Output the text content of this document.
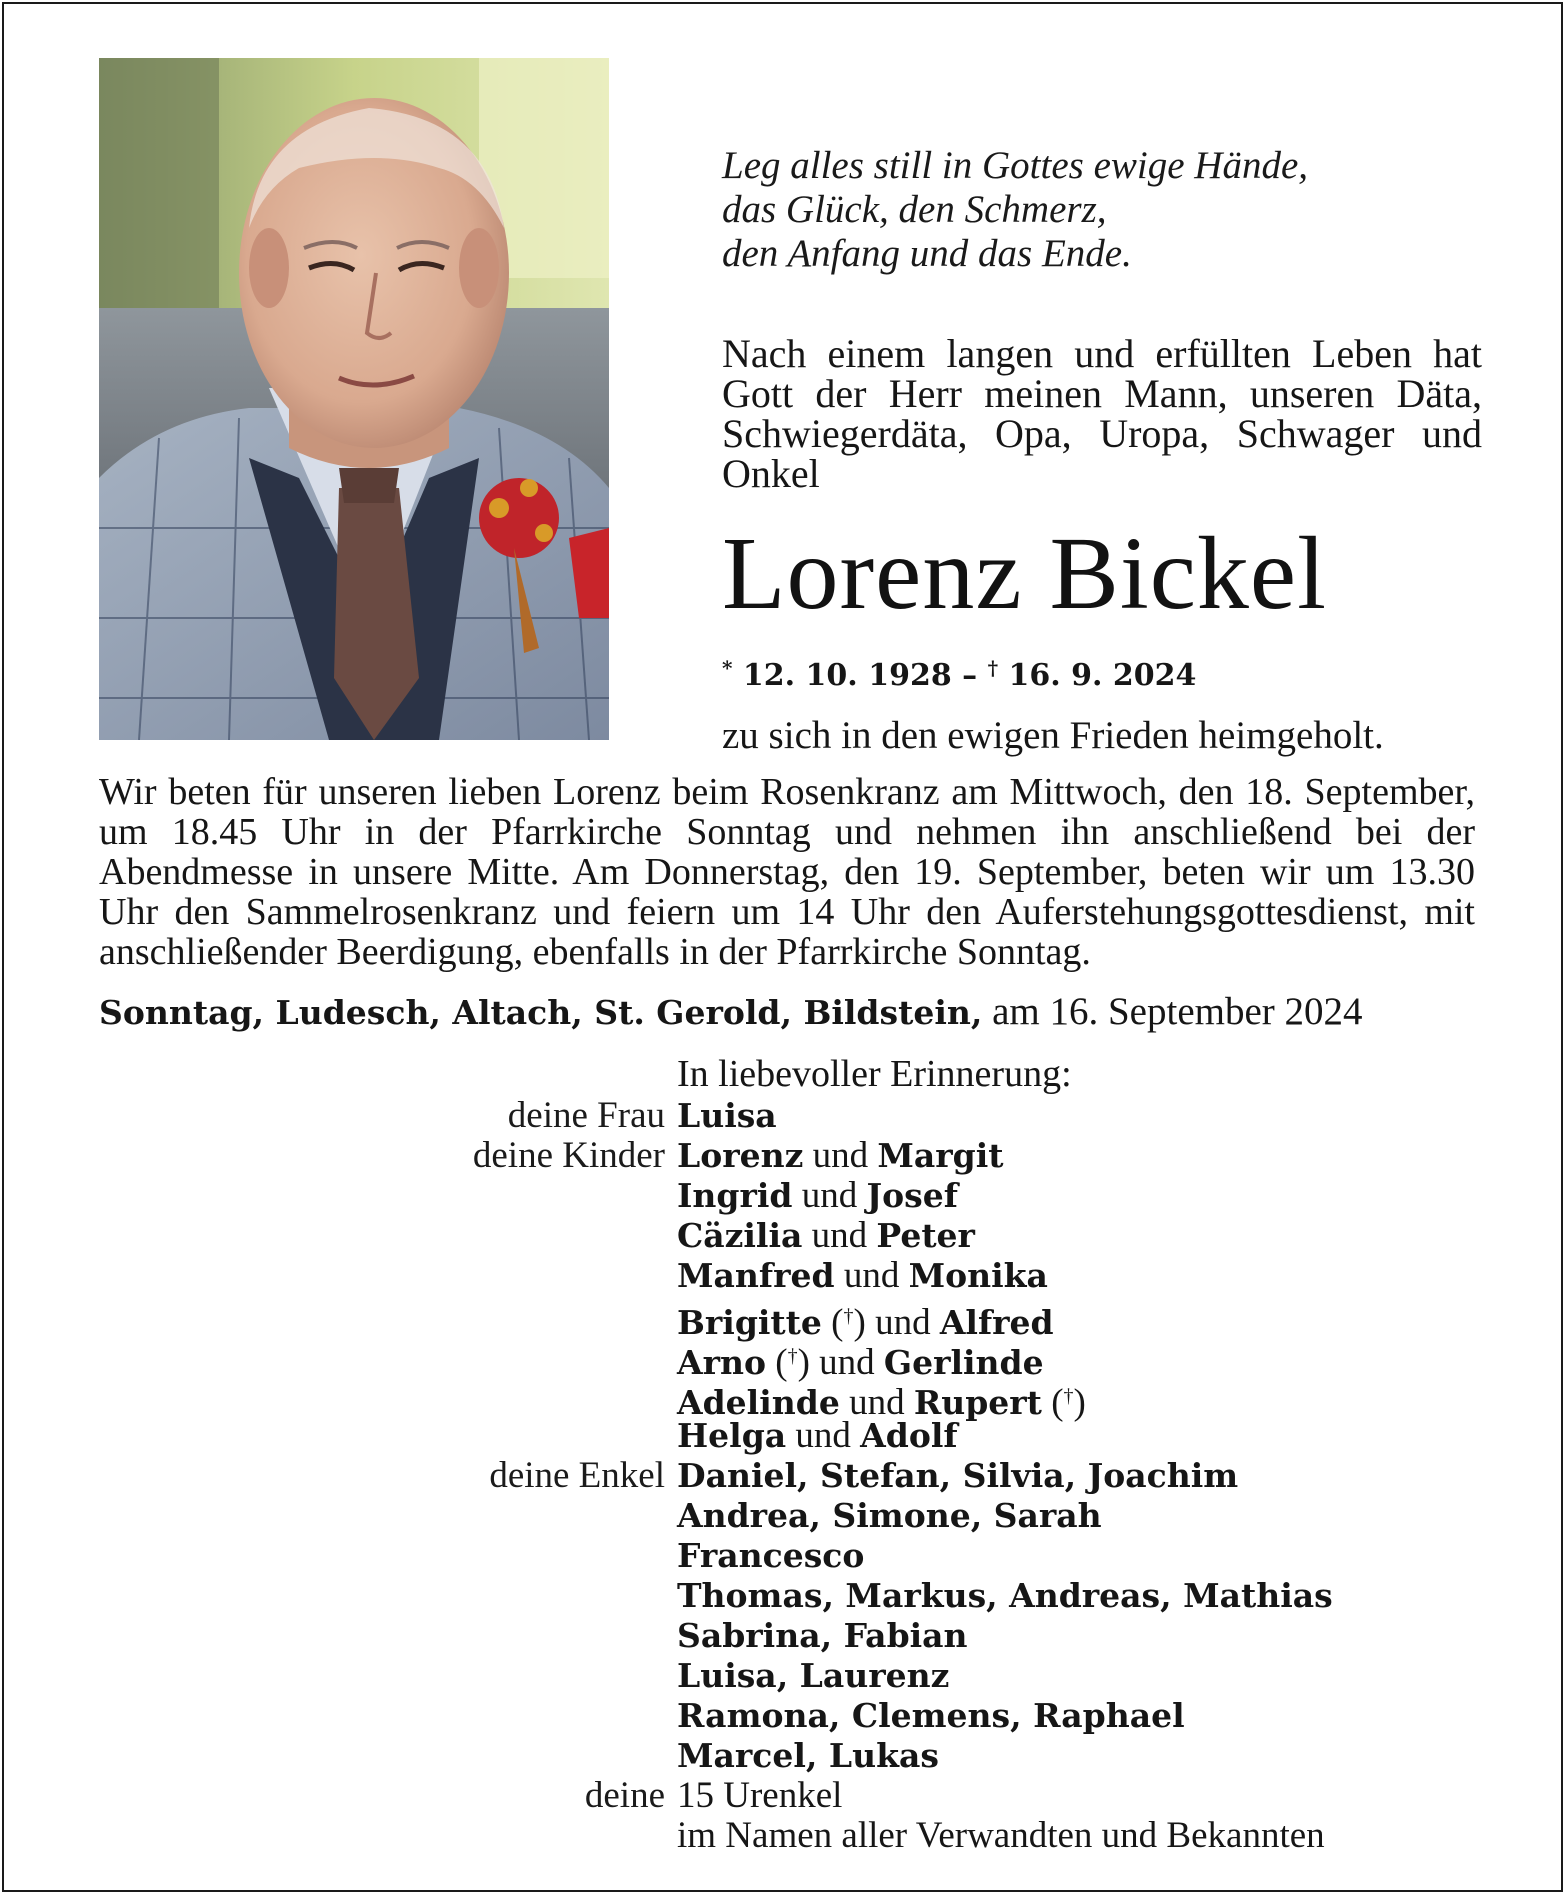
Leg alles still in Gottes ewige Hände,
das Glück, den Schmerz,
den Anfang und das Ende.
Nach einem langen und erfüllten Leben hat Gott der Herr meinen Mann, unseren Däta, Schwiegerdäta, Opa, Uropa, Schwager und Onkel
Lorenz Bickel
* 12. 10. 1928 – † 16. 9. 2024
zu sich in den ewigen Frieden heimgeholt.
Wir beten für unseren lieben Lorenz beim Rosenkranz am Mittwoch, den 18. September, um 18.45 Uhr in der Pfarrkirche Sonntag und nehmen ihn anschließend bei der Abendmesse in unsere Mitte. Am Donnerstag, den 19. September, beten wir um 13.30 Uhr den Sammelrosenkranz und feiern um 14 Uhr den Auferstehungsgottesdienst, mit anschließender Beerdigung, ebenfalls in der Pfarrkirche Sonntag.
Sonntag, Ludesch, Altach, St. Gerold, Bildstein, am 16. September 2024
In liebevoller Erinnerung:
deine Frau Luisa
deine Kinder Lorenz und Margit
Ingrid und Josef
Cäzilia und Peter
Manfred und Monika
Brigitte (†) und Alfred
Arno (†) und Gerlinde
Adelinde und Rupert (†)
Helga und Adolf
deine Enkel Daniel, Stefan, Silvia, Joachim
Andrea, Simone, Sarah
Francesco
Thomas, Markus, Andreas, Mathias
Sabrina, Fabian
Luisa, Laurenz
Ramona, Clemens, Raphael
Marcel, Lukas
deine 15 Urenkel
im Namen aller Verwandten und Bekannten
